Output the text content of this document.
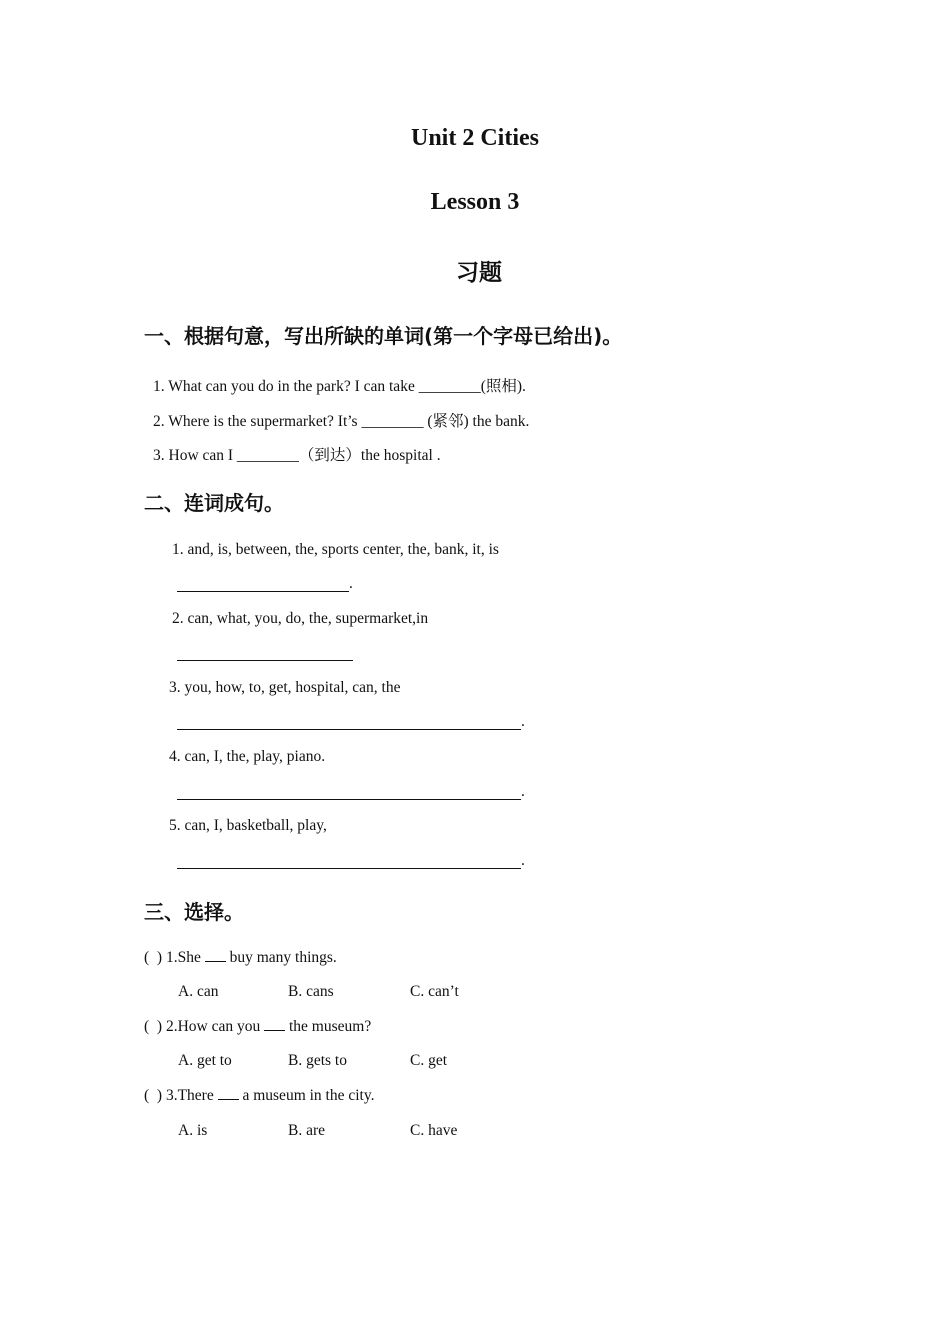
Unit 2 Cities
Lesson 3
习题
一、根据句意，写出所缺的单词(第一个字母已给出)。
1. What can you do in the park? I can take ________(照相).
2. Where is the supermarket? It’s ________ (紧邻) the bank.
3. How can I ________（到达）the hospital .
二、连词成句。
1. and, is, between, the, sports center, the, bank, it, is
.
2. can, what, you, do, the, supermarket,in
3. you, how, to, get, hospital, can, the
.
4. can, I, the, play, piano.
.
5. can, I, basketball, play,
.
三、选择。
(  ) 1.She  buy many things.
A. can	B. cans	C. can’t
(  ) 2.How can you  the museum?
A. get to	B. gets to	C. get
(  ) 3.There  a museum in the city.
A. is	B. are	C. have
